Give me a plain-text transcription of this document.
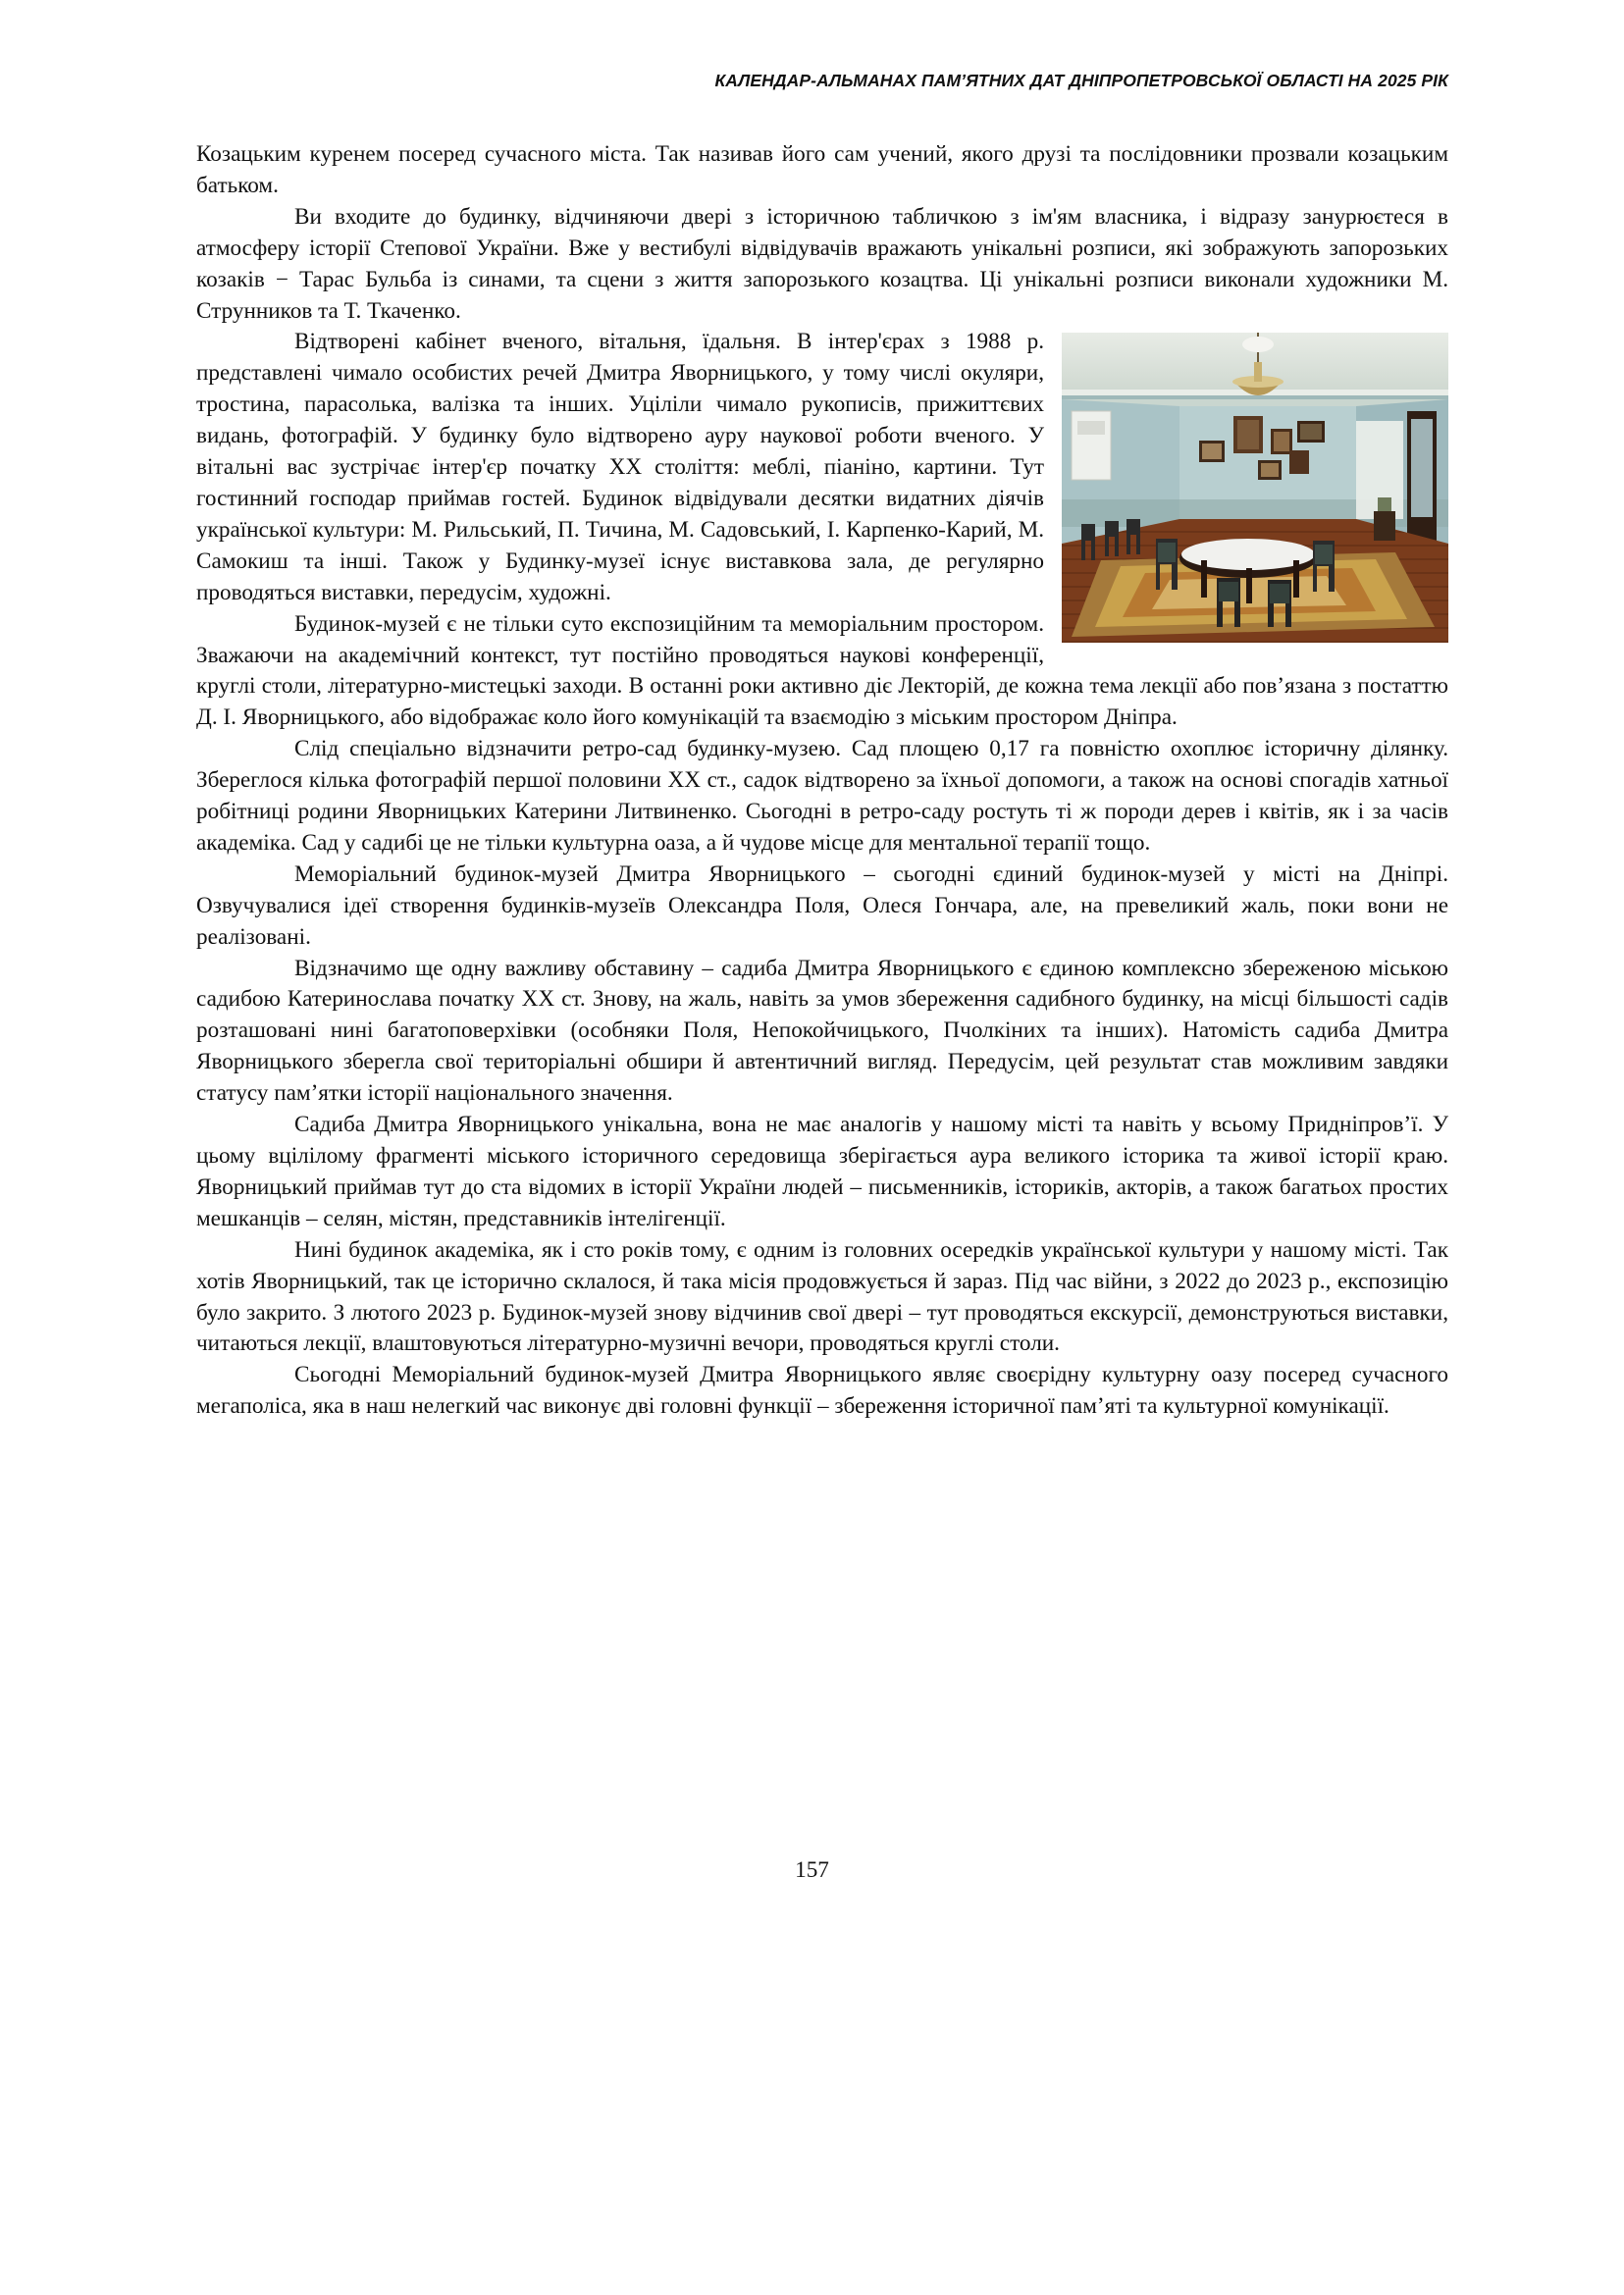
КАЛЕНДАР-АЛЬМАНАХ ПАМ’ЯТНИХ ДАТ ДНІПРОПЕТРОВСЬКОЇ ОБЛАСТІ НА 2025 РІК

Козацьким куренем посеред сучасного міста. Так називав його сам учений, якого друзі та послідовники прозвали козацьким батьком.

Ви входите до будинку, відчиняючи двері з історичною табличкою з ім'ям власника, і відразу занурюєтеся в атмосферу історії Степової України. Вже у вестибулі відвідувачів вражають унікальні розписи, які зображують запорозьких козаків − Тарас Бульба із синами, та сцени з життя запорозького козацтва. Ці унікальні розписи виконали художники М. Струнников та Т. Ткаченко.

Відтворені кабінет вченого, вітальня, їдальня. В інтер'єрах з 1988 р. представлені чимало особистих речей Дмитра Яворницького, у тому числі окуляри, тростина, парасолька, валізка та інших. Уціліли чимало рукописів, прижиттєвих видань, фотографій. У будинку було відтворено ауру наукової роботи вченого. У вітальні вас зустрічає інтер'єр початку XX століття: меблі, піаніно, картини. Тут гостинний господар приймав гостей. Будинок відвідували десятки видатних діячів української культури: М. Рильський, П. Тичина, М. Садовський, І. Карпенко-Карий, М. Самокиш та інші. Також у Будинку-музеї існує виставкова зала, де регулярно проводяться виставки, передусім, художні.

Будинок-музей є не тільки суто експозиційним та меморіальним простором. Зважаючи на академічний контекст, тут постійно проводяться наукові конференції, круглі столи, літературно-мистецькі заходи. В останні роки активно діє Лекторій, де кожна тема лекції або пов’язана з постаттю Д. І. Яворницького, або відображає коло його комунікацій та взаємодію з міським простором Дніпра.

Слід спеціально відзначити ретро-сад будинку-музею. Сад площею 0,17 га повністю охоплює історичну ділянку. Збереглося кілька фотографій першої половини XX ст., садок відтворено за їхньої допомоги, а також на основі спогадів хатньої робітниці родини Яворницьких Катерини Литвиненко. Сьогодні в ретро-саду ростуть ті ж породи дерев і квітів, як і за часів академіка. Сад у садибі це не тільки культурна оаза, а й чудове місце для ментальної терапії тощо.

Меморіальний будинок-музей Дмитра Яворницького – сьогодні єдиний будинок-музей у місті на Дніпрі. Озвучувалися ідеї створення будинків-музеїв Олександра Поля, Олеся Гончара, але, на превеликий жаль, поки вони не реалізовані.

Відзначимо ще одну важливу обставину – садиба Дмитра Яворницького є єдиною комплексно збереженою міською садибою Катеринослава початку XX ст. Знову, на жаль, навіть за умов збереження садибного будинку, на місці більшості садів розташовані нині багатоповерхівки (особняки Поля, Непокойчицького, Пчолкіних та інших). Натомість садиба Дмитра Яворницького зберегла свої територіальні обшири й автентичний вигляд. Передусім, цей результат став можливим завдяки статусу пам’ятки історії національного значення.

Садиба Дмитра Яворницького унікальна, вона не має аналогів у нашому місті та навіть у всьому Придніпров’ї. У цьому вцілілому фрагменті міського історичного середовища зберігається аура великого історика та живої історії краю. Яворницький приймав тут до ста відомих в історії України людей – письменників, істориків, акторів, а також багатьох простих мешканців – селян, містян, представників інтелігенції.

Нині будинок академіка, як і сто років тому, є одним із головних осередків української культури у нашому місті. Так хотів Яворницький, так це історично склалося, й така місія продовжується й зараз. Під час війни, з 2022 до 2023 р., експозицію було закрито. З лютого 2023 р. Будинок-музей знову відчинив свої двері – тут проводяться екскурсії, демонструються виставки, читаються лекції, влаштовуються літературно-музичні вечори, проводяться круглі столи.

Сьогодні Меморіальний будинок-музей Дмитра Яворницького являє своєрідну культурну оазу посеред сучасного мегаполіса, яка в наш нелегкий час виконує дві головні функції – збереження історичної пам’яті та культурної комунікації.

157
